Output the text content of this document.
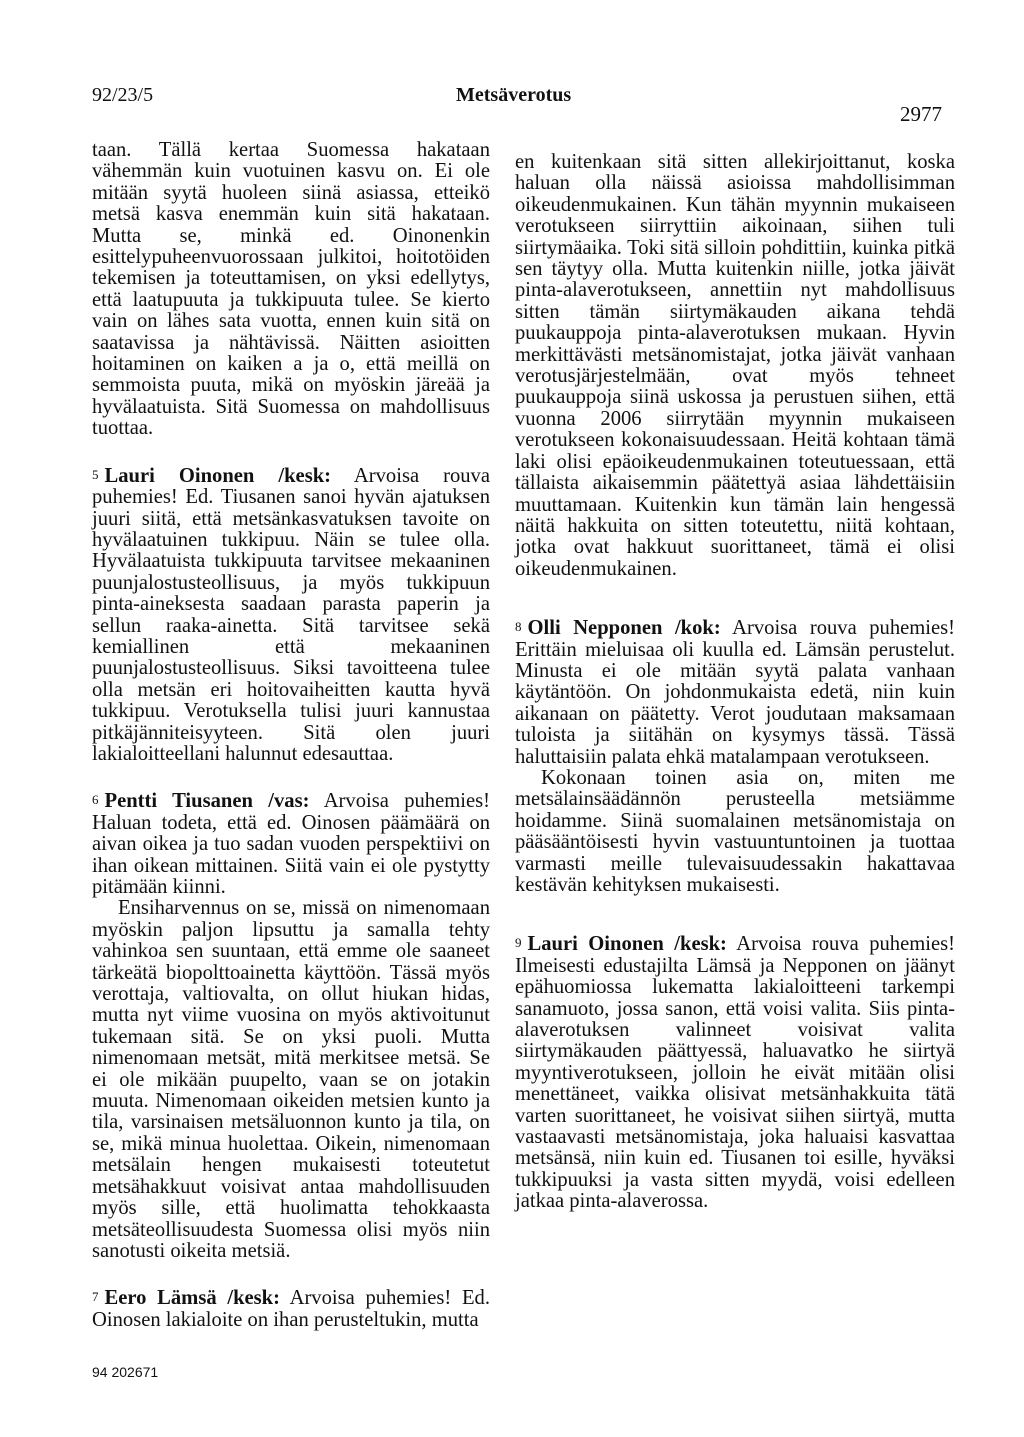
92/23/5	Metsäverotus
2977

taan. Tällä kertaa Suomessa hakataan vähemmän kuin vuotuinen kasvu on. Ei ole mitään syytä huoleen siinä asiassa, etteikö metsä kasva enemmän kuin sitä hakataan. Mutta se, minkä ed. Oinonenkin esittelypuheenvuorossaan julkitoi, hoitotöiden tekemisen ja toteuttamisen, on yksi edellytys, että laatupuuta ja tukkipuuta tulee. Se kierto vain on lähes sata vuotta, ennen kuin sitä on saatavissa ja nähtävissä. Näitten asioitten hoitaminen on kaiken a ja o, että meillä on semmoista puuta, mikä on myöskin järeää ja hyvälaatuista. Sitä Suomessa on mahdollisuus tuottaa.

$^5$ Lauri Oinonen /kesk: Arvoisa rouva puhemies! Ed. Tiusanen sanoi hyvän ajatuksen juuri siitä, että metsänkasvatuksen tavoite on hyvälaatuinen tukkipuu. Näin se tulee olla. Hyvälaatuista tukkipuuta tarvitsee mekaaninen puunjalostusteollisuus, ja myös tukkipuun pinta-aineksesta saadaan parasta paperin ja sellun raaka-ainetta. Sitä tarvitsee sekä kemiallinen että mekaaninen puunjalostusteollisuus. Siksi tavoitteena tulee olla metsän eri hoitovaiheitten kautta hyvä tukkipuu. Verotuksella tulisi juuri kannustaa pitkäjänniteisyyteen. Sitä olen juuri lakialoitteellani halunnut edesauttaa.

$^6$ Pentti Tiusanen /vas: Arvoisa puhemies! Haluan todeta, että ed. Oinosen päämäärä on aivan oikea ja tuo sadan vuoden perspektiivi on ihan oikean mittainen. Siitä vain ei ole pystytty pitämään kiinni.

Ensiharvennus on se, missä on nimenomaan myöskin paljon lipsuttu ja samalla tehty vahinkoa sen suuntaan, että emme ole saaneet tärkeätä biopolttoainetta käyttöön. Tässä myös verottaja, valtiovalta, on ollut hiukan hidas, mutta nyt viime vuosina on myös aktivoitunut tukemaan sitä. Se on yksi puoli. Mutta nimenomaan metsät, mitä merkitsee metsä. Se ei ole mikään puupelto, vaan se on jotakin muuta. Nimenomaan oikeiden metsien kunto ja tila, varsinaisen metsäluonnon kunto ja tila, on se, mikä minua huolettaa. Oikein, nimenomaan metsälain hengen mukaisesti toteutetut metsähakkuut voisivat antaa mahdollisuuden myös sille, että huolimatta tehokkaasta metsäteollisuudesta Suomessa olisi myös niin sanotusti oikeita metsiä.

$^7$ Eero Lämsä /kesk: Arvoisa puhemies! Ed. Oinosen lakialoite on ihan perusteltukin, mutta

en kuitenkaan sitä sitten allekirjoittanut, koska haluan olla näissä asioissa mahdollisimman oikeudenmukainen. Kun tähän myynnin mukaiseen verotukseen siirryttiin aikoinaan, siihen tuli siirtymäaika. Toki sitä silloin pohdittiin, kuinka pitkä sen täytyy olla. Mutta kuitenkin niille, jotka jäivät pinta-alaverotukseen, annettiin nyt mahdollisuus sitten tämän siirtymäkauden aikana tehdä puukauppoja pinta-alaverotuksen mukaan. Hyvin merkittävästi metsänomistajat, jotka jäivät vanhaan verotusjärjestelmään, ovat myös tehneet puukauppoja siinä uskossa ja perustuen siihen, että vuonna 2006 siirrytään myynnin mukaiseen verotukseen kokonaisuudessaan. Heitä kohtaan tämä laki olisi epäoikeudenmukainen toteutuessaan, että tällaista aikaisemmin päätettyä asiaa lähdettäisiin muuttamaan. Kuitenkin kun tämän lain hengessä näitä hakkuita on sitten toteutettu, niitä kohtaan, jotka ovat hakkuut suorittaneet, tämä ei olisi oikeudenmukainen.

$^8$ Olli Nepponen /kok: Arvoisa rouva puhemies! Erittäin mieluisaa oli kuulla ed. Lämsän perustelut. Minusta ei ole mitään syytä palata vanhaan käytäntöön. On johdonmukaista edetä, niin kuin aikanaan on päätetty. Verot joudutaan maksamaan tuloista ja siitähän on kysymys tässä. Tässä haluttaisiin palata ehkä matalampaan verotukseen.

Kokonaan toinen asia on, miten me metsälainsäädännön perusteella metsiämme hoidamme. Siinä suomalainen metsänomistaja on pääsääntöisesti hyvin vastuuntuntoinen ja tuottaa varmasti meille tulevaisuudessakin hakattavaa kestävän kehityksen mukaisesti.

$^9$ Lauri Oinonen /kesk: Arvoisa rouva puhemies! Ilmeisesti edustajilta Lämsä ja Nepponen on jäänyt epähuomiossa lukematta lakialoitteeni tarkempi sanamuoto, jossa sanon, että voisi valita. Siis pinta-alaverotuksen valinneet voisivat valita siirtymäkauden päättyessä, haluavatko he siirtyä myyntiverotukseen, jolloin he eivät mitään olisi menettäneet, vaikka olisivat metsänhakkuita tätä varten suorittaneet, he voisivat siihen siirtyä, mutta vastaavasti metsänomistaja, joka haluaisi kasvattaa metsänsä, niin kuin ed. Tiusanen toi esille, hyväksi tukkipuuksi ja vasta sitten myydä, voisi edelleen jatkaa pinta-alaverossa.

94 202671
